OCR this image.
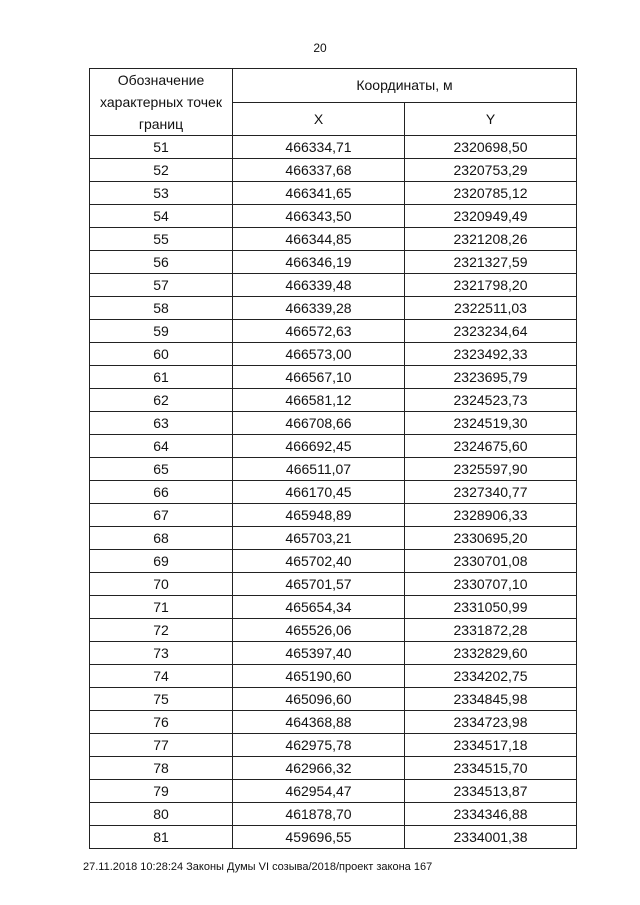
20
Обозначение характерных точек границ	Координаты, м	
	X	Y
51	466334,71	2320698,50
52	466337,68	2320753,29
53	466341,65	2320785,12
54	466343,50	2320949,49
55	466344,85	2321208,26
56	466346,19	2321327,59
57	466339,48	2321798,20
58	466339,28	2322511,03
59	466572,63	2323234,64
60	466573,00	2323492,33
61	466567,10	2323695,79
62	466581,12	2324523,73
63	466708,66	2324519,30
64	466692,45	2324675,60
65	466511,07	2325597,90
66	466170,45	2327340,77
67	465948,89	2328906,33
68	465703,21	2330695,20
69	465702,40	2330701,08
70	465701,57	2330707,10
71	465654,34	2331050,99
72	465526,06	2331872,28
73	465397,40	2332829,60
74	465190,60	2334202,75
75	465096,60	2334845,98
76	464368,88	2334723,98
77	462975,78	2334517,18
78	462966,32	2334515,70
79	462954,47	2334513,87
80	461878,70	2334346,88
81	459696,55	2334001,38
27.11.2018 10:28:24 Законы Думы VI созыва/2018/проект закона 167
